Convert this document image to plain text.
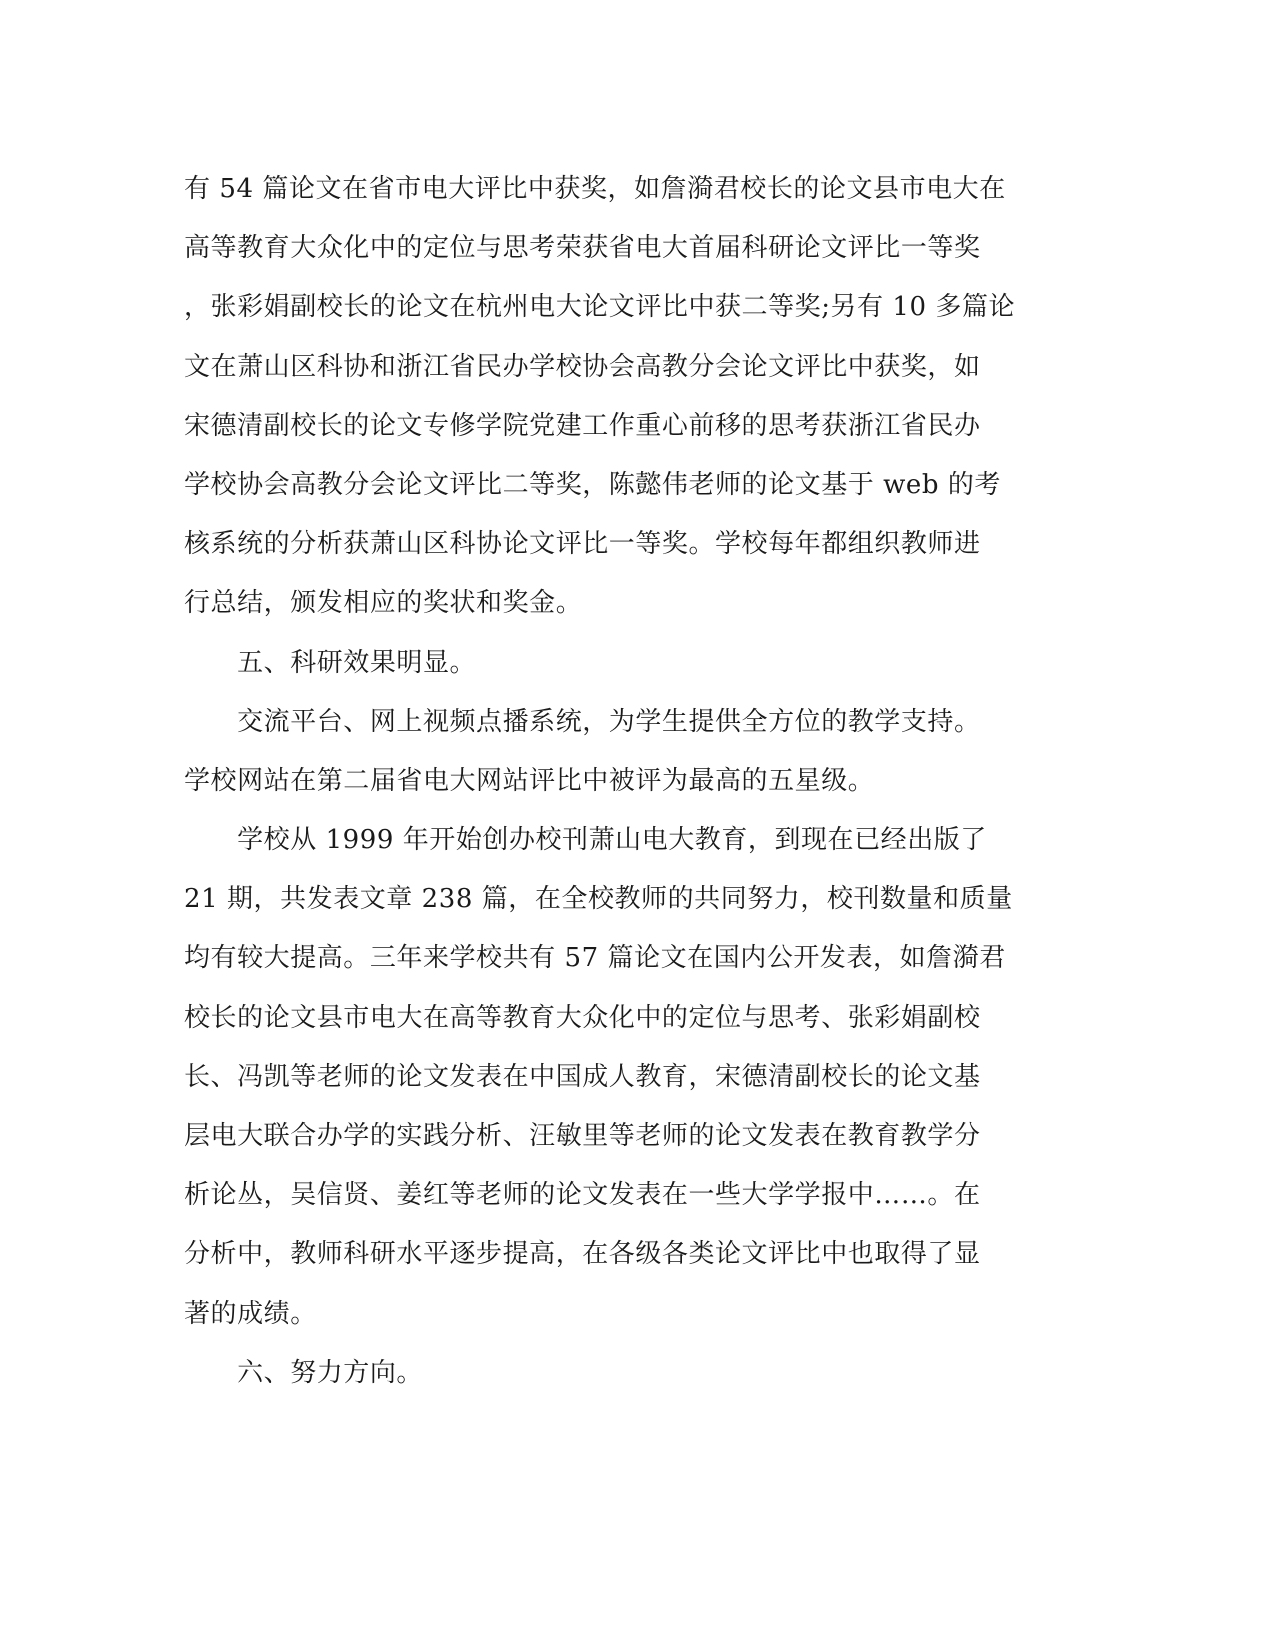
有 54 篇论文在省市电大评比中获奖，如詹漪君校长的论文县市电大在
高等教育大众化中的定位与思考荣获省电大首届科研论文评比一等奖
，张彩娟副校长的论文在杭州电大论文评比中获二等奖;另有 10 多篇论
文在萧山区科协和浙江省民办学校协会高教分会论文评比中获奖，如
宋德清副校长的论文专修学院党建工作重心前移的思考获浙江省民办
学校协会高教分会论文评比二等奖，陈懿伟老师的论文基于 web 的考
核系统的分析获萧山区科协论文评比一等奖。学校每年都组织教师进
行总结，颁发相应的奖状和奖金。
　　五、科研效果明显。
　　交流平台、网上视频点播系统，为学生提供全方位的教学支持。
学校网站在第二届省电大网站评比中被评为最高的五星级。
　　学校从 1999 年开始创办校刊萧山电大教育，到现在已经出版了
21 期，共发表文章 238 篇，在全校教师的共同努力，校刊数量和质量
均有较大提高。三年来学校共有 57 篇论文在国内公开发表，如詹漪君
校长的论文县市电大在高等教育大众化中的定位与思考、张彩娟副校
长、冯凯等老师的论文发表在中国成人教育，宋德清副校长的论文基
层电大联合办学的实践分析、汪敏里等老师的论文发表在教育教学分
析论丛，吴信贤、姜红等老师的论文发表在一些大学学报中……。在
分析中，教师科研水平逐步提高，在各级各类论文评比中也取得了显
著的成绩。
　　六、努力方向。
